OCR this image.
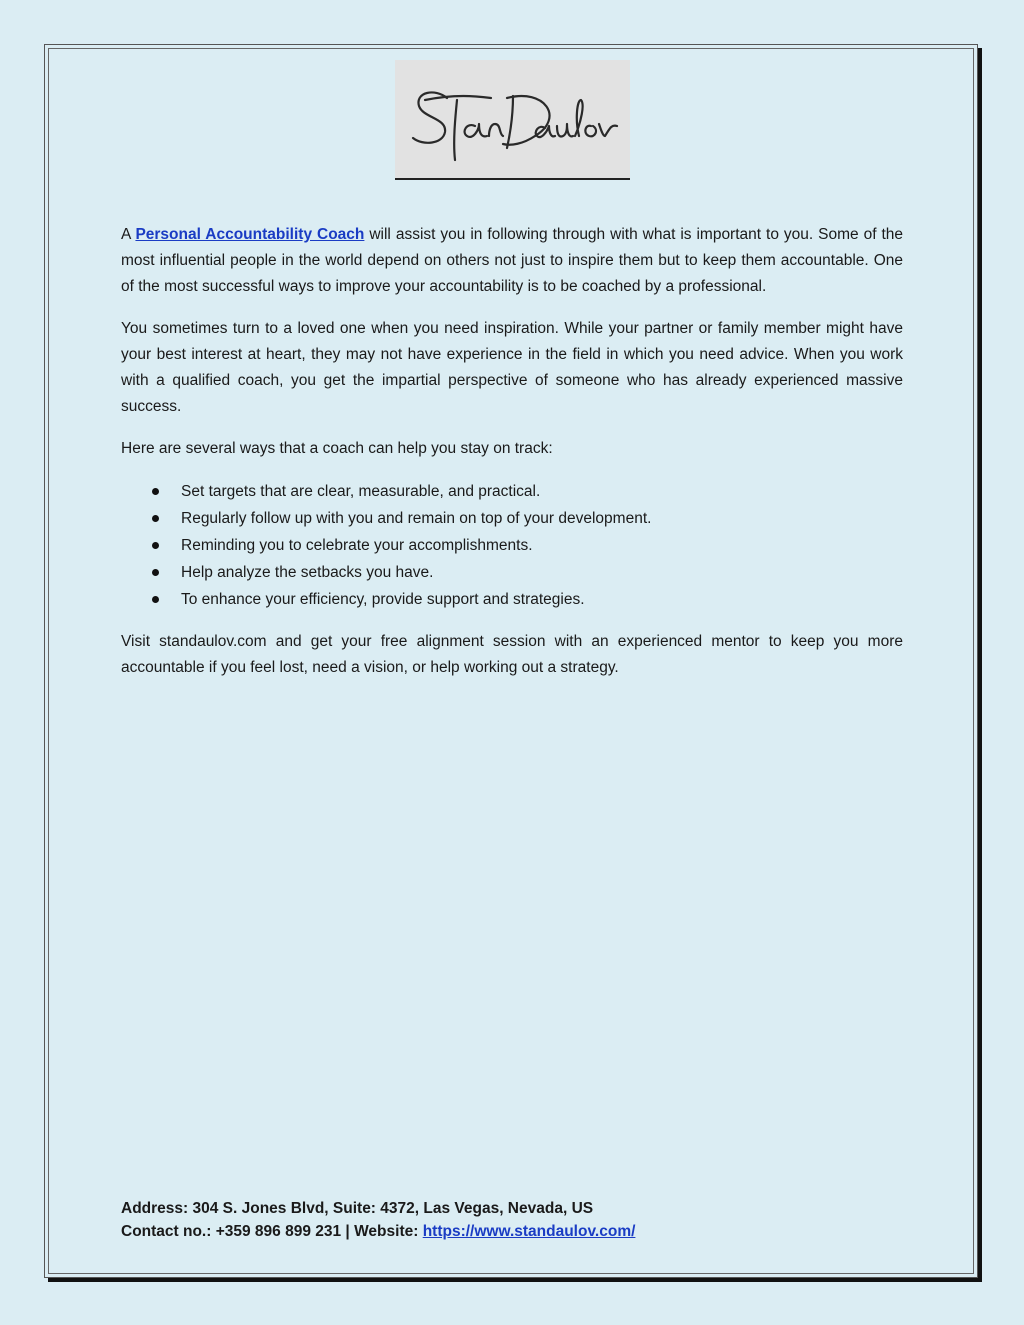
A Personal Accountability Coach will assist you in following through with what is important to you. Some of the most influential people in the world depend on others not just to inspire them but to keep them accountable. One of the most successful ways to improve your accountability is to be coached by a professional.

You sometimes turn to a loved one when you need inspiration. While your partner or family member might have your best interest at heart, they may not have experience in the field in which you need advice. When you work with a qualified coach, you get the impartial perspective of someone who has already experienced massive success.

Here are several ways that a coach can help you stay on track:

Set targets that are clear, measurable, and practical.
Regularly follow up with you and remain on top of your development.
Reminding you to celebrate your accomplishments.
Help analyze the setbacks you have.
To enhance your efficiency, provide support and strategies.

Visit standaulov.com and get your free alignment session with an experienced mentor to keep you more accountable if you feel lost, need a vision, or help working out a strategy.

Address: 304 S. Jones Blvd, Suite: 4372, Las Vegas, Nevada, US
Contact no.: +359 896 899 231 | Website: https://www.standaulov.com/
